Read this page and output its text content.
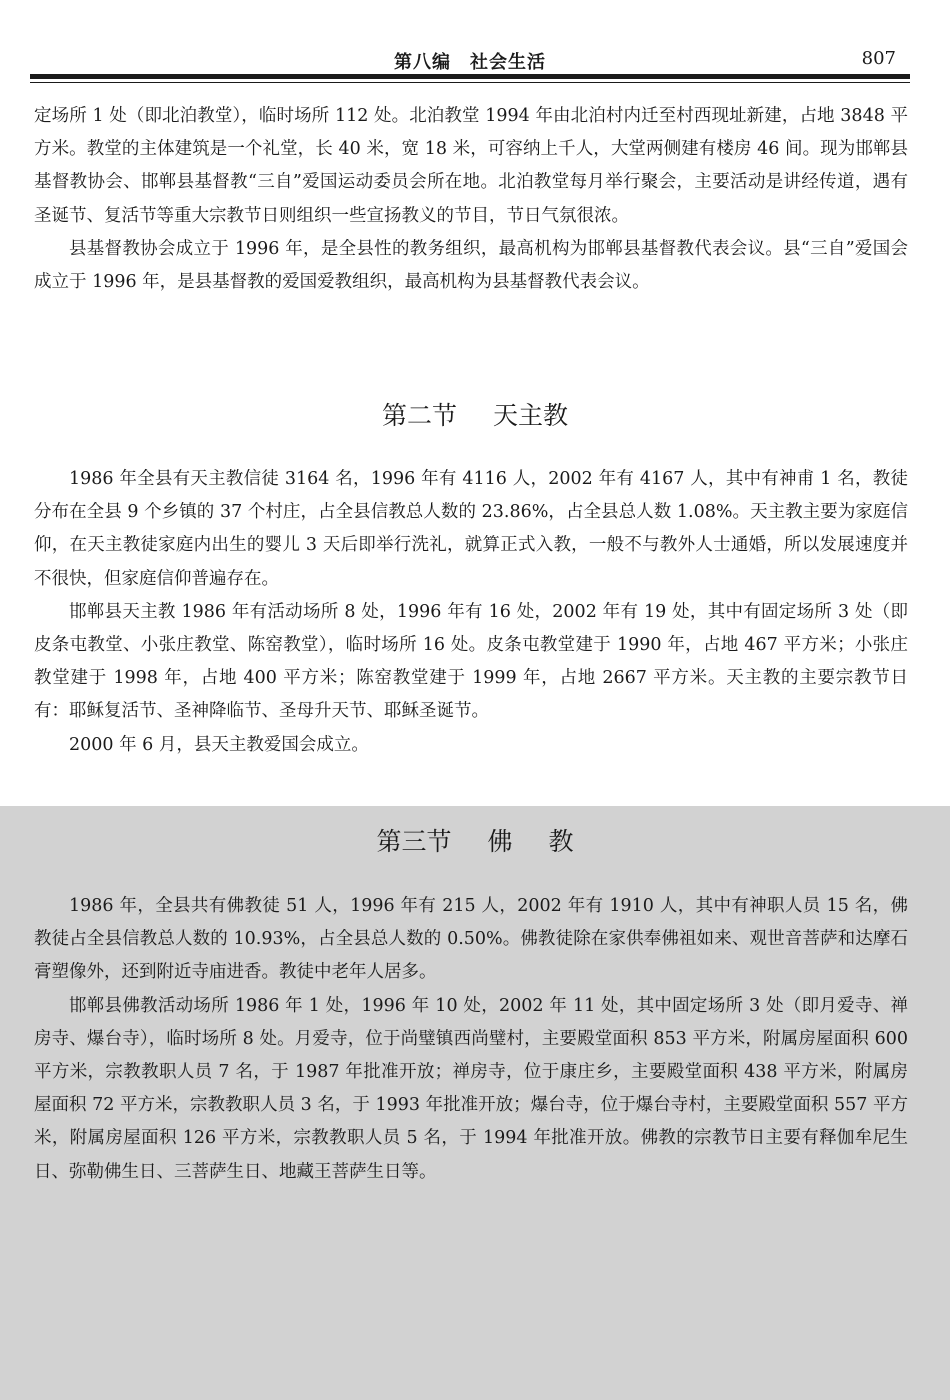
第八编　社会生活	807

定场所 1 处（即北泊教堂），临时场所 112 处。北泊教堂 1994 年由北泊村内迁至村西现址新建，占地 3848 平方米。教堂的主体建筑是一个礼堂，长 40 米，宽 18 米，可容纳上千人，大堂两侧建有楼房 46 间。现为邯郸县基督教协会、邯郸县基督教“三自”爱国运动委员会所在地。北泊教堂每月举行聚会，主要活动是讲经传道，遇有圣诞节、复活节等重大宗教节日则组织一些宣扬教义的节目，节日气氛很浓。

县基督教协会成立于 1996 年，是全县性的教务组织，最高机构为邯郸县基督教代表会议。县“三自”爱国会成立于 1996 年，是县基督教的爱国爱教组织，最高机构为县基督教代表会议。

第二节 天主教

1986 年全县有天主教信徒 3164 名，1996 年有 4116 人，2002 年有 4167 人，其中有神甫 1 名，教徒分布在全县 9 个乡镇的 37 个村庄，占全县信教总人数的 23.86%，占全县总人数 1.08%。天主教主要为家庭信仰，在天主教徒家庭内出生的婴儿 3 天后即举行洗礼，就算正式入教，一般不与教外人士通婚，所以发展速度并不很快，但家庭信仰普遍存在。

邯郸县天主教 1986 年有活动场所 8 处，1996 年有 16 处，2002 年有 19 处，其中有固定场所 3 处（即皮条屯教堂、小张庄教堂、陈窑教堂），临时场所 16 处。皮条屯教堂建于 1990 年，占地 467 平方米；小张庄教堂建于 1998 年，占地 400 平方米；陈窑教堂建于 1999 年，占地 2667 平方米。天主教的主要宗教节日有：耶稣复活节、圣神降临节、圣母升天节、耶稣圣诞节。

2000 年 6 月，县天主教爱国会成立。

第三节 佛 教

1986 年，全县共有佛教徒 51 人，1996 年有 215 人，2002 年有 1910 人，其中有神职人员 15 名，佛教徒占全县信教总人数的 10.93%，占全县总人数的 0.50%。佛教徒除在家供奉佛祖如来、观世音菩萨和达摩石膏塑像外，还到附近寺庙进香。教徒中老年人居多。

邯郸县佛教活动场所 1986 年 1 处，1996 年 10 处，2002 年 11 处，其中固定场所 3 处（即月爱寺、禅房寺、爆台寺），临时场所 8 处。月爱寺，位于尚璧镇西尚璧村，主要殿堂面积 853 平方米，附属房屋面积 600 平方米，宗教教职人员 7 名，于 1987 年批准开放；禅房寺，位于康庄乡，主要殿堂面积 438 平方米，附属房屋面积 72 平方米，宗教教职人员 3 名，于 1993 年批准开放；爆台寺，位于爆台寺村，主要殿堂面积 557 平方米，附属房屋面积 126 平方米，宗教教职人员 5 名，于 1994 年批准开放。佛教的宗教节日主要有释伽牟尼生日、弥勒佛生日、三菩萨生日、地藏王菩萨生日等。
